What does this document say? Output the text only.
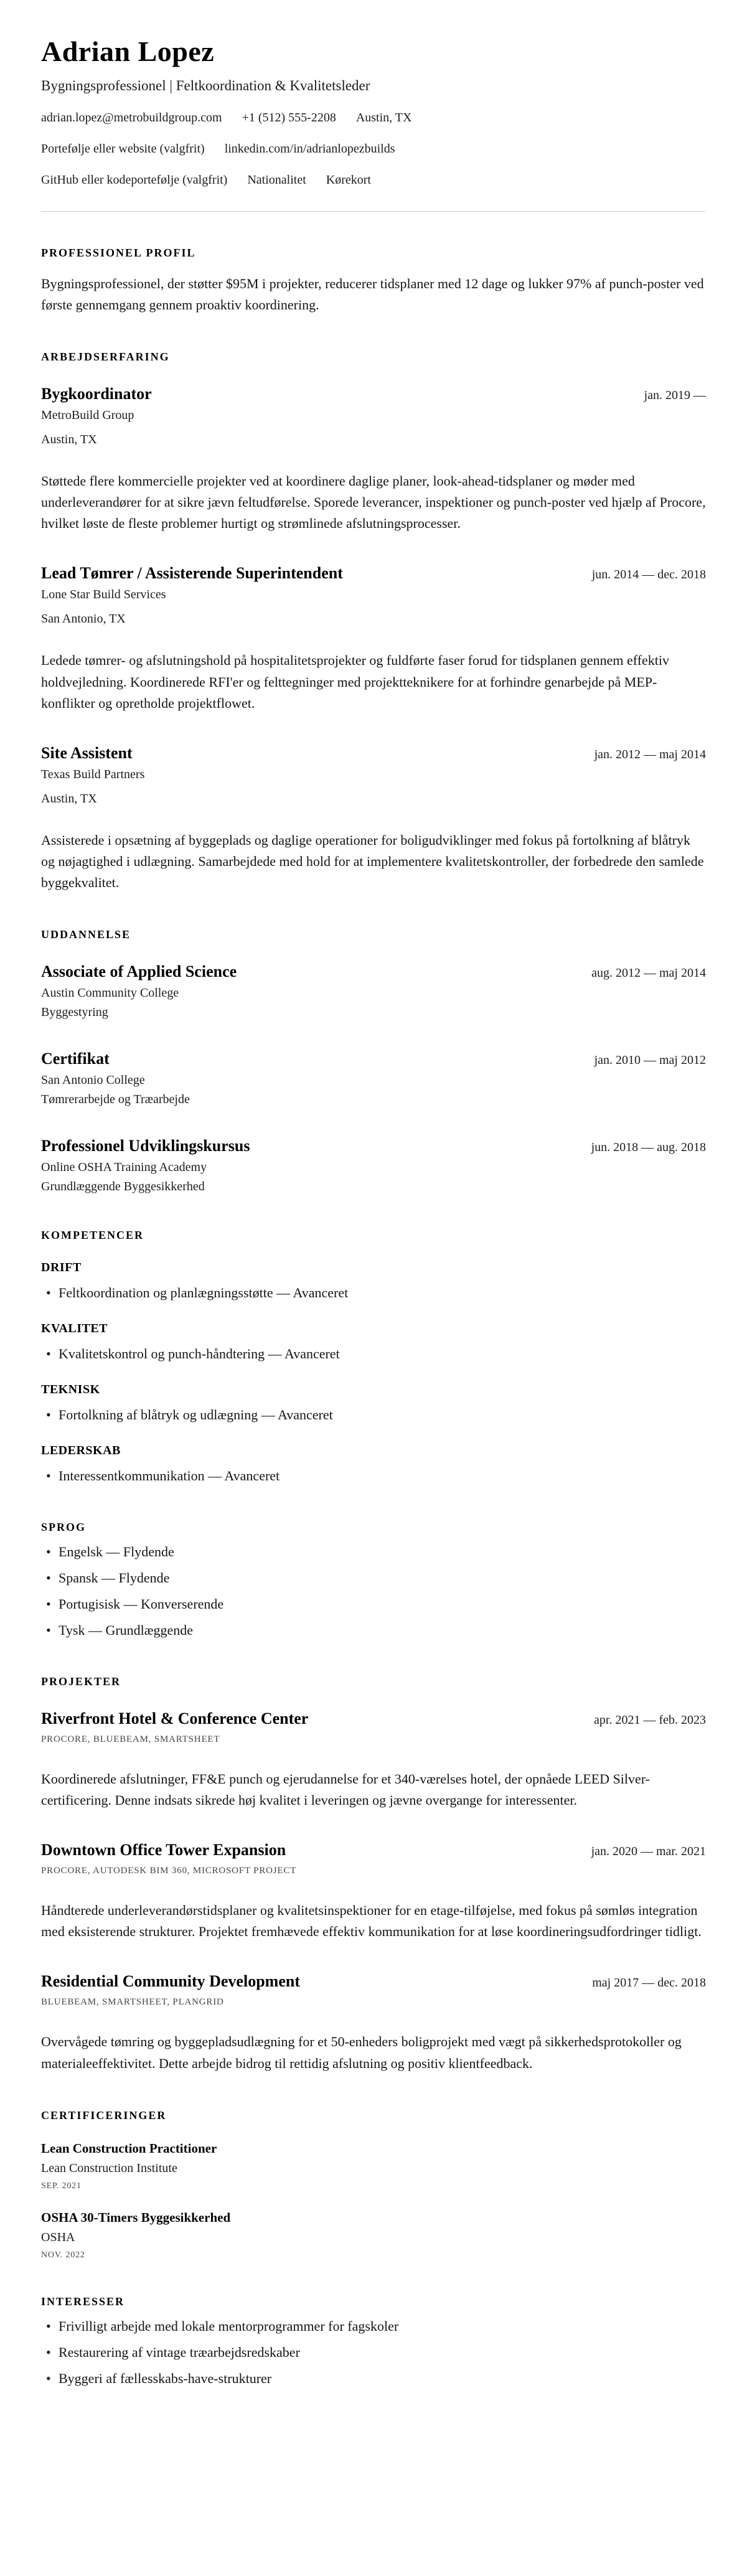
Adrian Lopez
Bygningsprofessionel | Feltkoordination & Kvalitetsleder
adrian.lopez@metrobuildgroup.com +1 (512) 555-2208 Austin, TX
Portefølje eller website (valgfrit) linkedin.com/in/adrianlopezbuilds
GitHub eller kodeportefølje (valgfrit) Nationalitet Kørekort
PROFESSIONEL PROFIL

Bygningsprofessionel, der støtter $95M i projekter, reducerer tidsplaner med 12 dage og lukker 97% af punch-poster ved første gennemgang gennem proaktiv koordinering.

ARBEJDSERFARING
Bygkoordinator	jan. 2019 —
MetroBuild Group
Austin, TX

Støttede flere kommercielle projekter ved at koordinere daglige planer, look-ahead-tidsplaner og møder med underleverandører for at sikre jævn feltudførelse. Sporede leverancer, inspektioner og punch-poster ved hjælp af Procore, hvilket løste de fleste problemer hurtigt og strømlinede afslutningsprocesser.

Lead Tømrer / Assisterende Superintendent	jun. 2014 — dec. 2018
Lone Star Build Services
San Antonio, TX

Ledede tømrer- og afslutningshold på hospitalitetsprojekter og fuldførte faser forud for tidsplanen gennem effektiv holdvejledning. Koordinerede RFI'er og felttegninger med projektteknikere for at forhindre genarbejde på MEP-konflikter og opretholde projektflowet.

Site Assistent	jan. 2012 — maj 2014
Texas Build Partners
Austin, TX

Assisterede i opsætning af byggeplads og daglige operationer for boligudviklinger med fokus på fortolkning af blåtryk og nøjagtighed i udlægning. Samarbejdede med hold for at implementere kvalitetskontroller, der forbedrede den samlede byggekvalitet.

UDDANNELSE
Associate of Applied Science	aug. 2012 — maj 2014
Austin Community College
Byggestyring
Certifikat	jan. 2010 — maj 2012
San Antonio College
Tømrerarbejde og Træarbejde
Professionel Udviklingskursus	jun. 2018 — aug. 2018
Online OSHA Training Academy
Grundlæggende Byggesikkerhed
KOMPETENCER
DRIFT
• Feltkoordination og planlægningsstøtte — Avanceret
KVALITET
• Kvalitetskontrol og punch-håndtering — Avanceret
TEKNISK
• Fortolkning af blåtryk og udlægning — Avanceret
LEDERSKAB
• Interessentkommunikation — Avanceret
SPROG
• Engelsk — Flydende
• Spansk — Flydende
• Portugisisk — Konverserende
• Tysk — Grundlæggende
PROJEKTER
Riverfront Hotel & Conference Center	apr. 2021 — feb. 2023
PROCORE, BLUEBEAM, SMARTSHEET

Koordinerede afslutninger, FF&E punch og ejerudannelse for et 340-værelses hotel, der opnåede LEED Silver-certificering. Denne indsats sikrede høj kvalitet i leveringen og jævne overgange for interessenter.

Downtown Office Tower Expansion	jan. 2020 — mar. 2021
PROCORE, AUTODESK BIM 360, MICROSOFT PROJECT

Håndterede underleverandørstidsplaner og kvalitetsinspektioner for en etage-tilføjelse, med fokus på sømløs integration med eksisterende strukturer. Projektet fremhævede effektiv kommunikation for at løse koordineringsudfordringer tidligt.

Residential Community Development	maj 2017 — dec. 2018
BLUEBEAM, SMARTSHEET, PLANGRID

Overvågede tømring og byggepladsudlægning for et 50-enheders boligprojekt med vægt på sikkerhedsprotokoller og materialeeffektivitet. Dette arbejde bidrog til rettidig afslutning og positiv klientfeedback.

CERTIFICERINGER
Lean Construction Practitioner
Lean Construction Institute
SEP. 2021
OSHA 30-Timers Byggesikkerhed
OSHA
NOV. 2022
INTERESSER
• Frivilligt arbejde med lokale mentorprogrammer for fagskoler
• Restaurering af vintage træarbejdsredskaber
• Byggeri af fællesskabs-have-strukturer
